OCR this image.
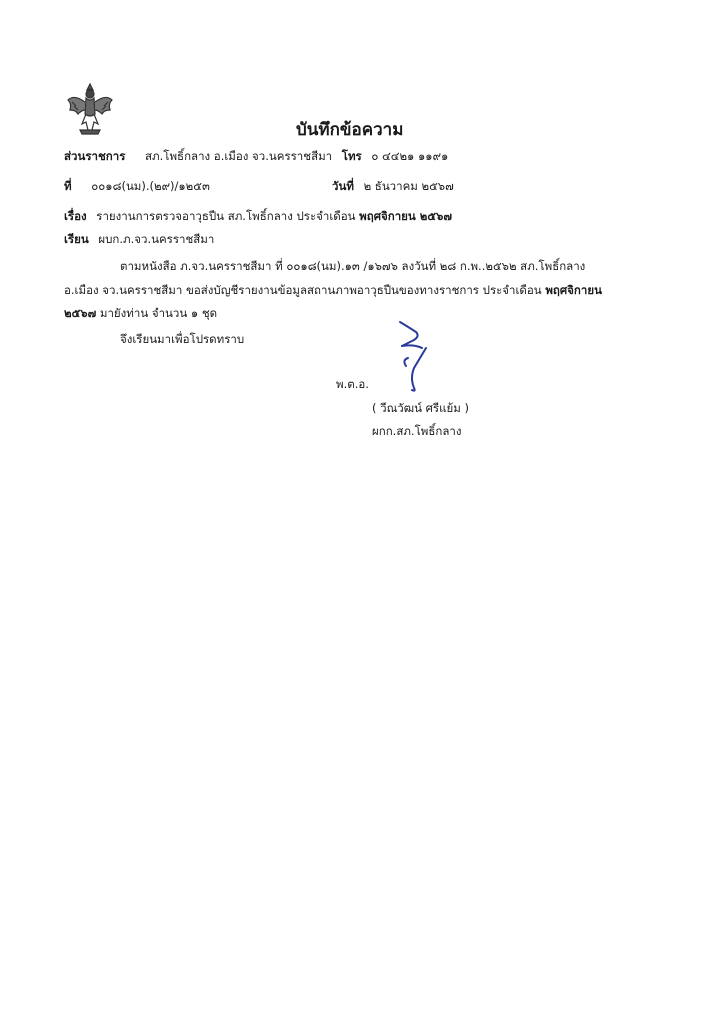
บันทึกข้อความ
ส่วนราชการ สภ.โพธิ์กลาง อ.เมือง จว.นครราชสีมา โทร ๐ ๔๔๒๑ ๑๑๙๑
ที่ ๐๐๑๘(นม).(๒๙)/๑๒๕๓	วันที่ ๒ ธันวาคม ๒๕๖๗
เรื่อง รายงานการตรวจอาวุธปืน สภ.โพธิ์กลาง ประจำเดือน พฤศจิกายน ๒๕๖๗
เรียน ผบก.ภ.จว.นครราชสีมา
ตามหนังสือ ภ.จว.นครราชสีมา ที่ ๐๐๑๘(นม).๑๓ /๑๖๗๖ ลงวันที่ ๒๘ ก.พ..๒๕๖๒ สภ.โพธิ์กลาง
อ.เมือง จว.นครราชสีมา ขอส่งบัญชีรายงานข้อมูลสถานภาพอาวุธปืนของทางราชการ ประจำเดือน พฤศจิกายน
๒๕๖๗ มายังท่าน จำนวน ๑ ชุด
จึงเรียนมาเพื่อโปรดทราบ
พ.ต.อ.
( วีณวัฒน์ ศรีแย้ม )
ผกก.สภ.โพธิ์กลาง
